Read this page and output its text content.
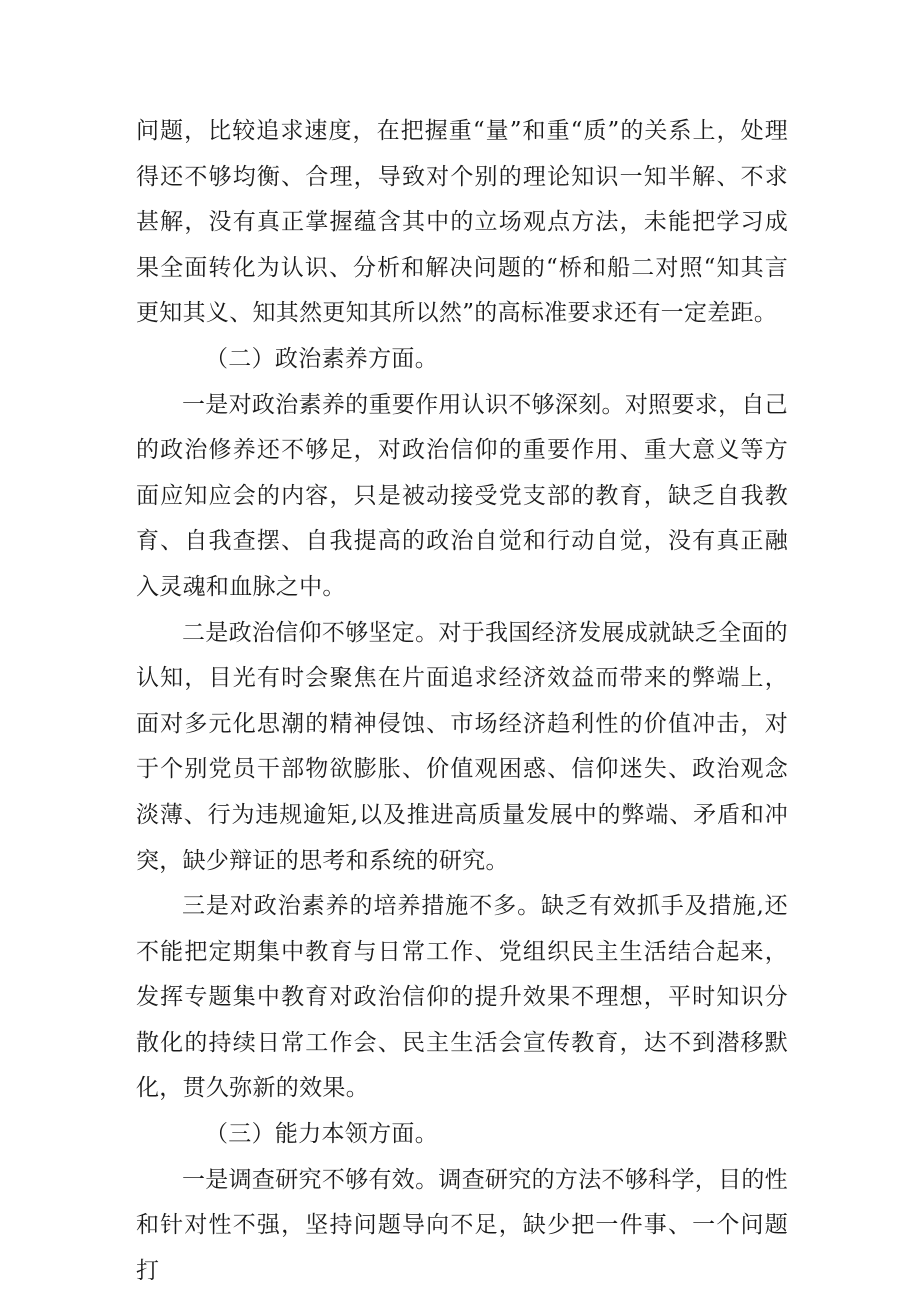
问题，比较追求速度，在把握重“量”和重“质”的关系上，处理得还不够均衡、合理，导致对个别的理论知识一知半解、不求甚解，没有真正掌握蕴含其中的立场观点方法，未能把学习成果全面转化为认识、分析和解决问题的“桥和船二对照“知其言更知其义、知其然更知其所以然”的高标准要求还有一定差距。

（二）政治素养方面。

一是对政治素养的重要作用认识不够深刻。对照要求，自己的政治修养还不够足，对政治信仰的重要作用、重大意义等方面应知应会的内容，只是被动接受党支部的教育，缺乏自我教育、自我查摆、自我提高的政治自觉和行动自觉，没有真正融入灵魂和血脉之中。

二是政治信仰不够坚定。对于我国经济发展成就缺乏全面的认知，目光有时会聚焦在片面追求经济效益而带来的弊端上，面对多元化思潮的精神侵蚀、市场经济趋利性的价值冲击，对于个别党员干部物欲膨胀、价值观困惑、信仰迷失、政治观念淡薄、行为违规逾矩,以及推进高质量发展中的弊端、矛盾和冲突，缺少辩证的思考和系统的研究。

三是对政治素养的培养措施不多。缺乏有效抓手及措施,还不能把定期集中教育与日常工作、党组织民主生活结合起来，发挥专题集中教育对政治信仰的提升效果不理想，平时知识分散化的持续日常工作会、民主生活会宣传教育，达不到潜移默化，贯久弥新的效果。

（三）能力本领方面。

一是调查研究不够有效。调查研究的方法不够科学，目的性和针对性不强，坚持问题导向不足，缺少把一件事、一个问题打
